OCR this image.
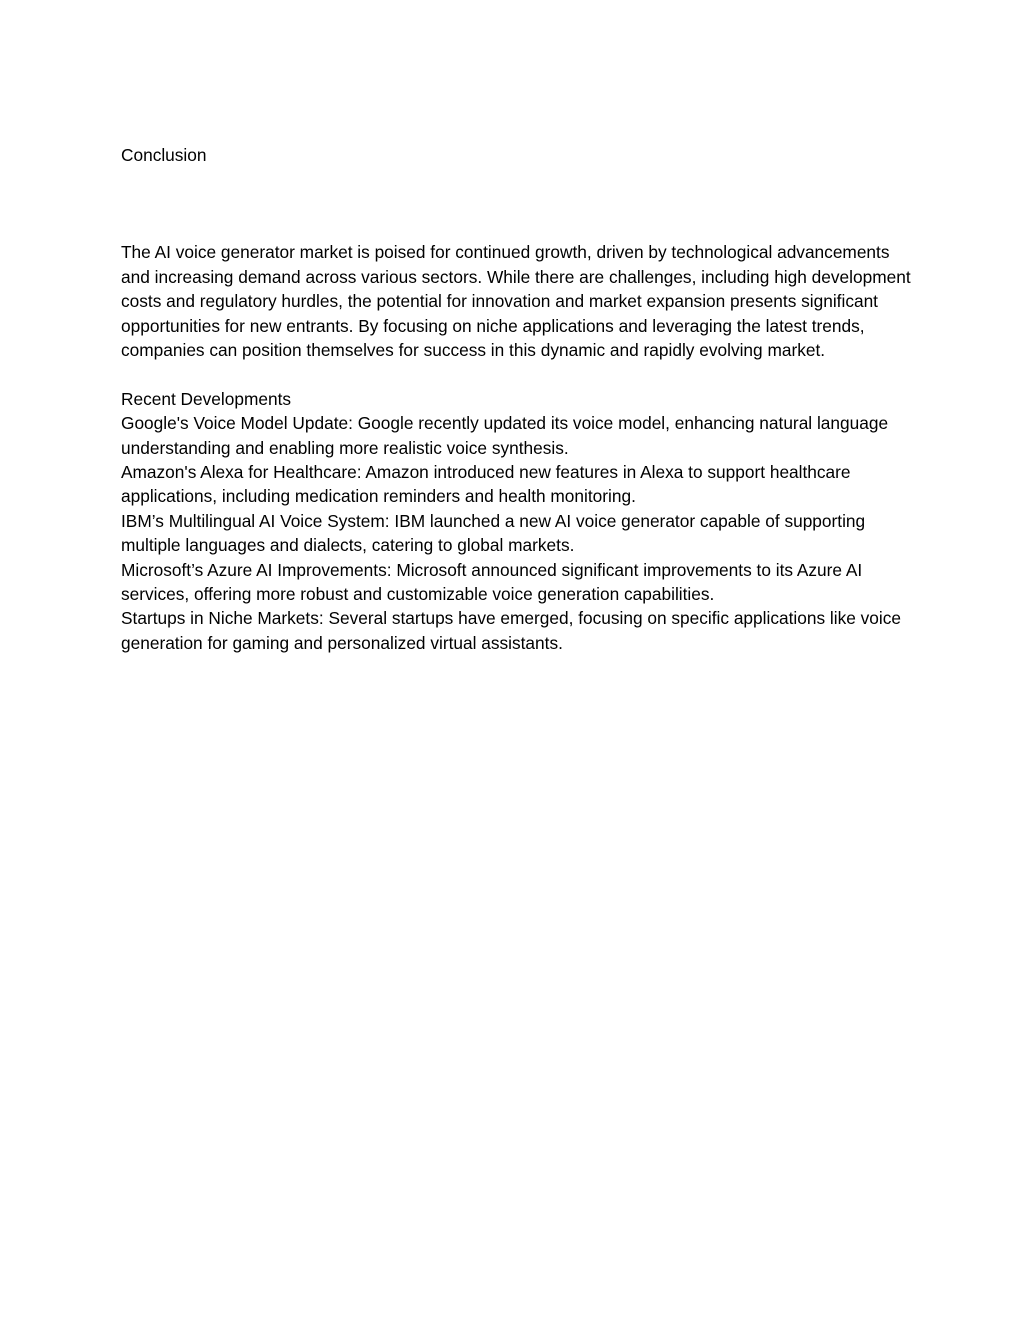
Conclusion

The AI voice generator market is poised for continued growth, driven by technological advancements and increasing demand across various sectors. While there are challenges, including high development costs and regulatory hurdles, the potential for innovation and market expansion presents significant opportunities for new entrants. By focusing on niche applications and leveraging the latest trends, companies can position themselves for success in this dynamic and rapidly evolving market.

Recent Developments

Google's Voice Model Update: Google recently updated its voice model, enhancing natural language understanding and enabling more realistic voice synthesis.

Amazon's Alexa for Healthcare: Amazon introduced new features in Alexa to support healthcare applications, including medication reminders and health monitoring.

IBM’s Multilingual AI Voice System: IBM launched a new AI voice generator capable of supporting multiple languages and dialects, catering to global markets.

Microsoft’s Azure AI Improvements: Microsoft announced significant improvements to its Azure AI services, offering more robust and customizable voice generation capabilities.

Startups in Niche Markets: Several startups have emerged, focusing on specific applications like voice generation for gaming and personalized virtual assistants.
